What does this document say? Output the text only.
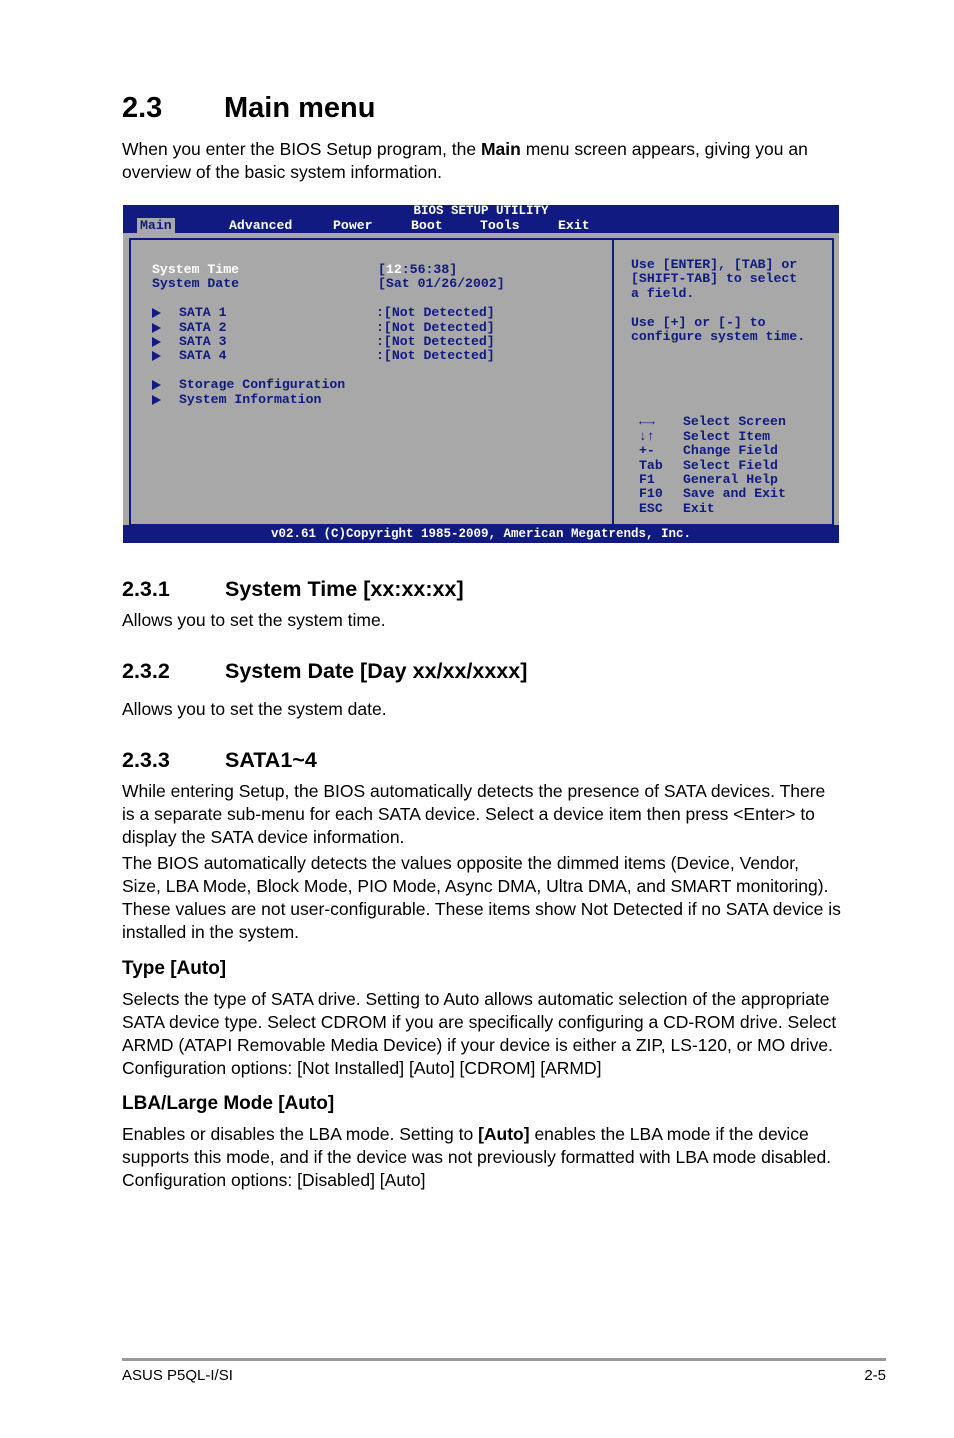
2.3 Main menu

When you enter the BIOS Setup program, the Main menu screen appears, giving you an overview of the basic system information.

BIOS SETUP UTILITY
Main	Advanced	Power	Boot	Tools	Exit
System Time	[12:56:38]
System Date	[Sat 01/26/2002]
SATA 1	:[Not Detected]
SATA 2	:[Not Detected]
SATA 3	:[Not Detected]
SATA 4	:[Not Detected]
Storage Configuration
System Information
Use [ENTER], [TAB] or
[SHIFT-TAB] to select
a field.
Use [+] or [-] to
configure system time.
←→ Select Screen
↓↑ Select Item
+- Change Field
Tab Select Field
F1 General Help
F10 Save and Exit
ESC Exit
v02.61 (C)Copyright 1985-2009, American Megatrends, Inc.
2.3.1	System Time [xx:xx:xx]

Allows you to set the system time.

2.3.2	System Date [Day xx/xx/xxxx]

Allows you to set the system date.

2.3.3	SATA1~4

While entering Setup, the BIOS automatically detects the presence of SATA devices. There is a separate sub-menu for each SATA device. Select a device item then press <Enter> to display the SATA device information.

The BIOS automatically detects the values opposite the dimmed items (Device, Vendor, Size, LBA Mode, Block Mode, PIO Mode, Async DMA, Ultra DMA, and SMART monitoring). These values are not user-configurable. These items show Not Detected if no SATA device is installed in the system.

Type [Auto]

Selects the type of SATA drive. Setting to Auto allows automatic selection of the appropriate SATA device type. Select CDROM if you are specifically configuring a CD-ROM drive. Select ARMD (ATAPI Removable Media Device) if your device is either a ZIP, LS-120, or MO drive. Configuration options: [Not Installed] [Auto] [CDROM] [ARMD]

LBA/Large Mode [Auto]

Enables or disables the LBA mode. Setting to [Auto] enables the LBA mode if the device supports this mode, and if the device was not previously formatted with LBA mode disabled. Configuration options: [Disabled] [Auto]

ASUS P5QL-I/SI	2-5
